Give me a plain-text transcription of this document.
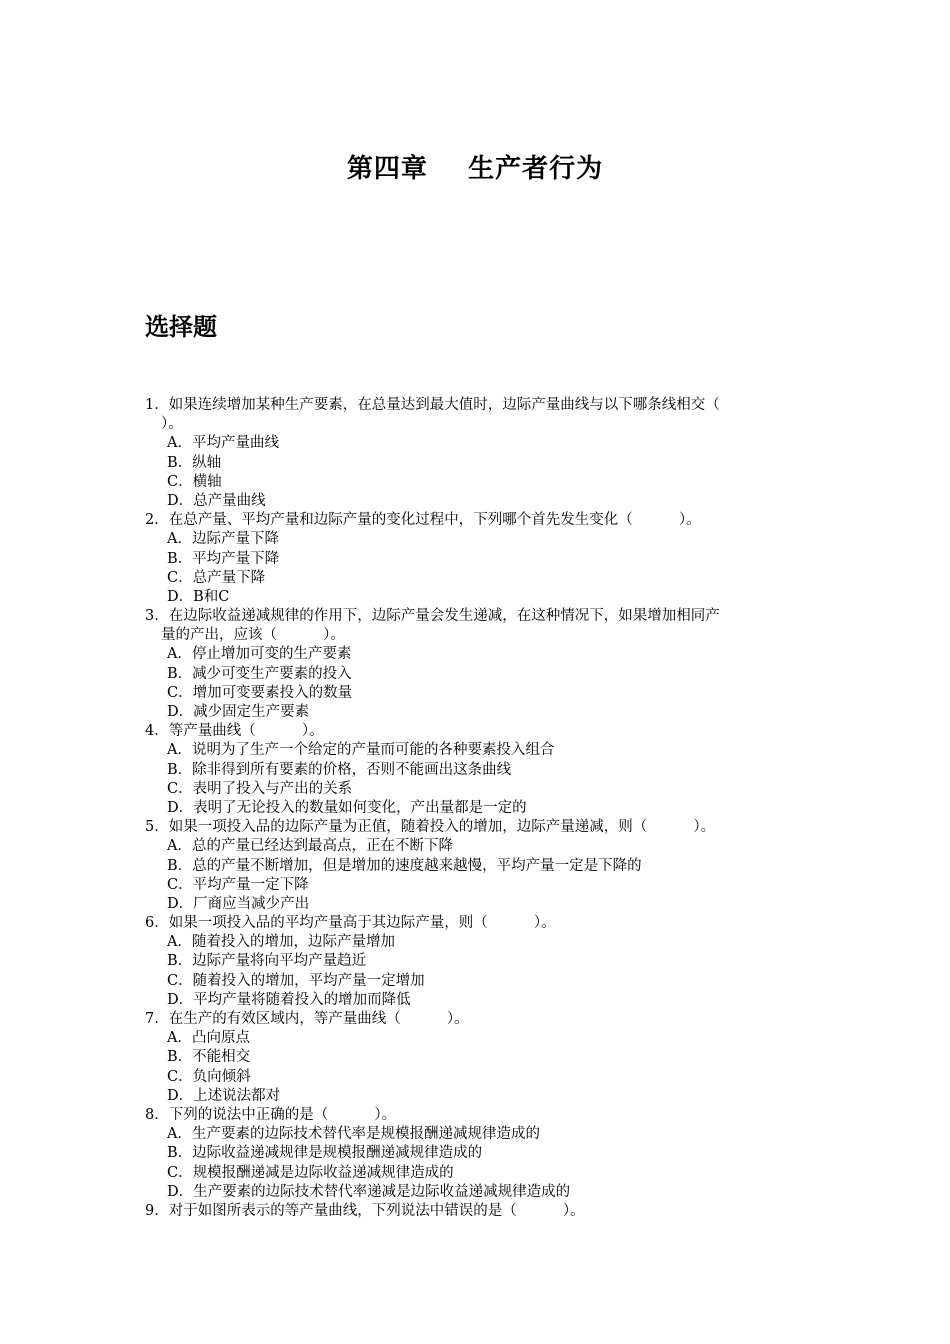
第四章    生产者行为
选择题
1．如果连续增加某种生产要素，在总量达到最大值时，边际产量曲线与以下哪条线相交（
）。
A．平均产量曲线
B．纵轴
C．横轴
D．总产量曲线
2．在总产量、平均产量和边际产量的变化过程中，下列哪个首先发生变化（          ）。
A．边际产量下降
B．平均产量下降
C．总产量下降
D．B和C
3．在边际收益递减规律的作用下，边际产量会发生递减，在这种情况下，如果增加相同产
量的产出，应该（          ）。
A．停止增加可变的生产要素
B．减少可变生产要素的投入
C．增加可变要素投入的数量
D．减少固定生产要素
4．等产量曲线（          ）。
A．说明为了生产一个给定的产量而可能的各种要素投入组合
B．除非得到所有要素的价格，否则不能画出这条曲线
C．表明了投入与产出的关系
D．表明了无论投入的数量如何变化，产出量都是一定的
5．如果一项投入品的边际产量为正值，随着投入的增加，边际产量递减，则（          ）。
A．总的产量已经达到最高点，正在不断下降
B．总的产量不断增加，但是增加的速度越来越慢，平均产量一定是下降的
C．平均产量一定下降
D．厂商应当减少产出
6．如果一项投入品的平均产量高于其边际产量，则（          ）。
A．随着投入的增加，边际产量增加
B．边际产量将向平均产量趋近
C．随着投入的增加，平均产量一定增加
D．平均产量将随着投入的增加而降低
7．在生产的有效区域内，等产量曲线（          ）。
A．凸向原点
B．不能相交
C．负向倾斜
D．上述说法都对
8．下列的说法中正确的是（          ）。
A．生产要素的边际技术替代率是规模报酬递减规律造成的
B．边际收益递减规律是规模报酬递减规律造成的
C．规模报酬递减是边际收益递减规律造成的
D．生产要素的边际技术替代率递减是边际收益递减规律造成的
9．对于如图所表示的等产量曲线，下列说法中错误的是（          ）。
